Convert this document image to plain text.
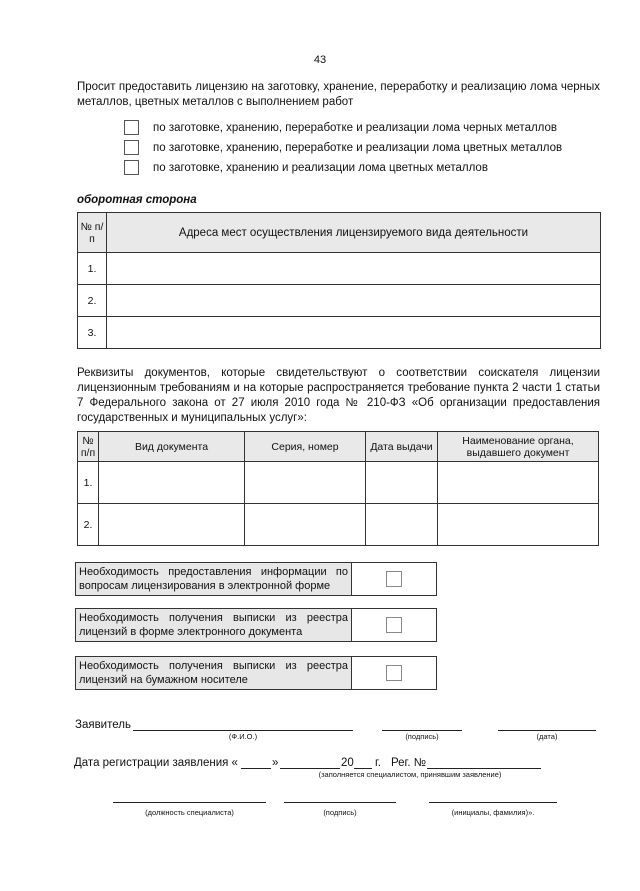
43
Просит предоставить лицензию на заготовку, хранение, переработку и реализацию лома черных металлов, цветных металлов с выполнением работ
по заготовке, хранению, переработке и реализации лома черных металлов
по заготовке, хранению, переработке и реализации лома цветных металлов
по заготовке, хранению и реализации лома цветных металлов
оборотная сторона
№ п/п	Адреса мест осуществления лицензируемого вида деятельности
1.	
2.	
3.	
Реквизиты документов, которые свидетельствуют о соответствии соискателя лицензии лицензионным требованиям и на которые распространяется требование пункта 2 части 1 статьи 7 Федерального закона от 27 июля 2010 года № 210-ФЗ «Об организации предоставления государственных и муниципальных услуг»:
№ п/п	Вид документа	Серия, номер	Дата выдачи	Наименование органа, выдавшего документ
1.				
2.				
Необходимость предоставления информации по вопросам лицензирования в электронной форме
Необходимость получения выписки из реестра лицензий в форме электронного документа
Необходимость получения выписки из реестра лицензий на бумажном носителе
Заявитель
(Ф.И.О.)	(подпись)	(дата)
Дата регистрации заявления «	»	20 г. Рег. №
(заполняется специалистом, принявшим заявление)
(должность специалиста)	(подпись)	(инициалы, фамилия)».
